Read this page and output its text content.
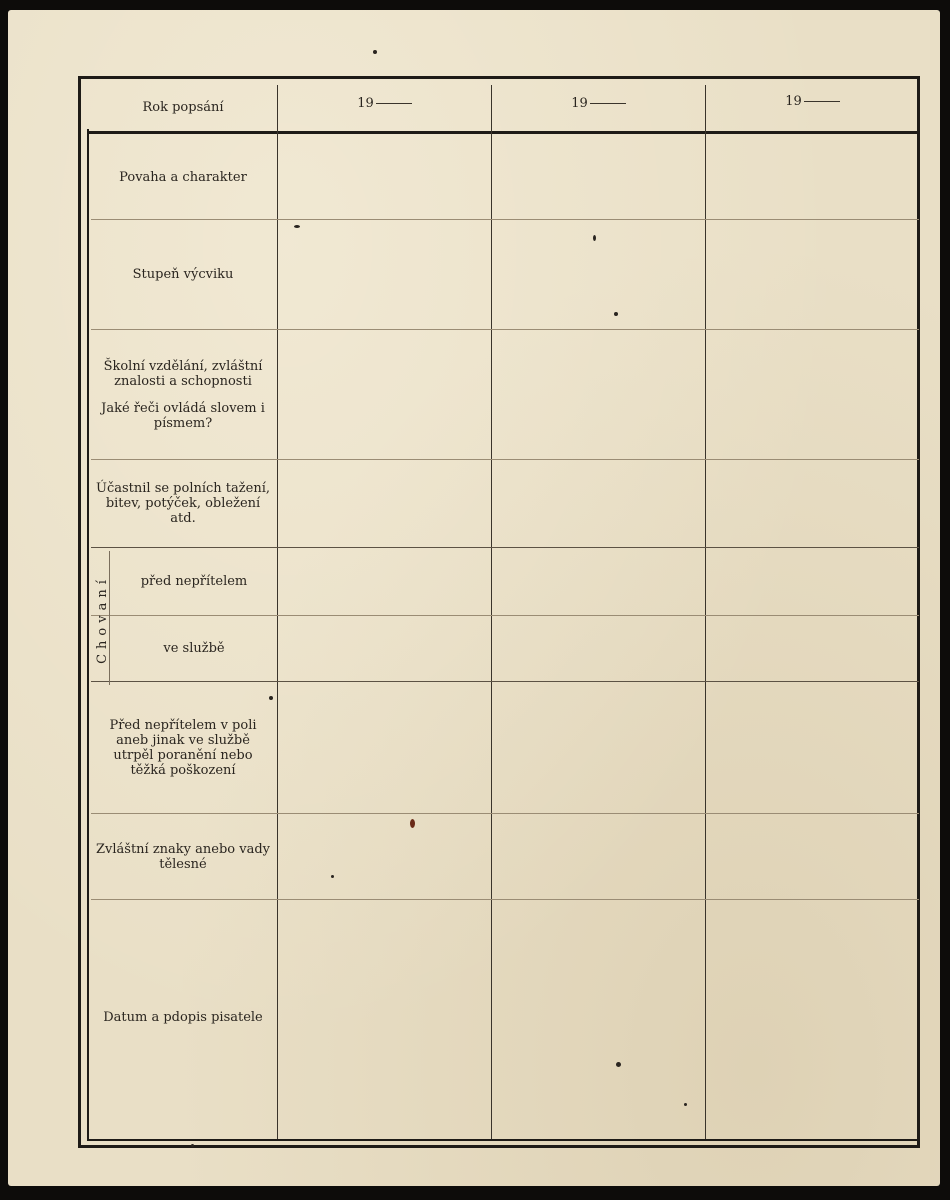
Rok popsání	19	19	19
Povaha a charakter
Stupeň výcviku
Školní vzdělání, zvláštní znalosti a schopnosti
Jaké řeči ovládá slovem i písmem?
Účastnil se polních tažení, bitev, potýček, obležení atd.
Chovaní před nepřítelem
ve službě
Před nepřítelem v poli aneb jinak ve službě utrpěl poranění nebo těžká poškození
Zvláštní znaky anebo vady tělesné
Datum a pdopis pisatele
